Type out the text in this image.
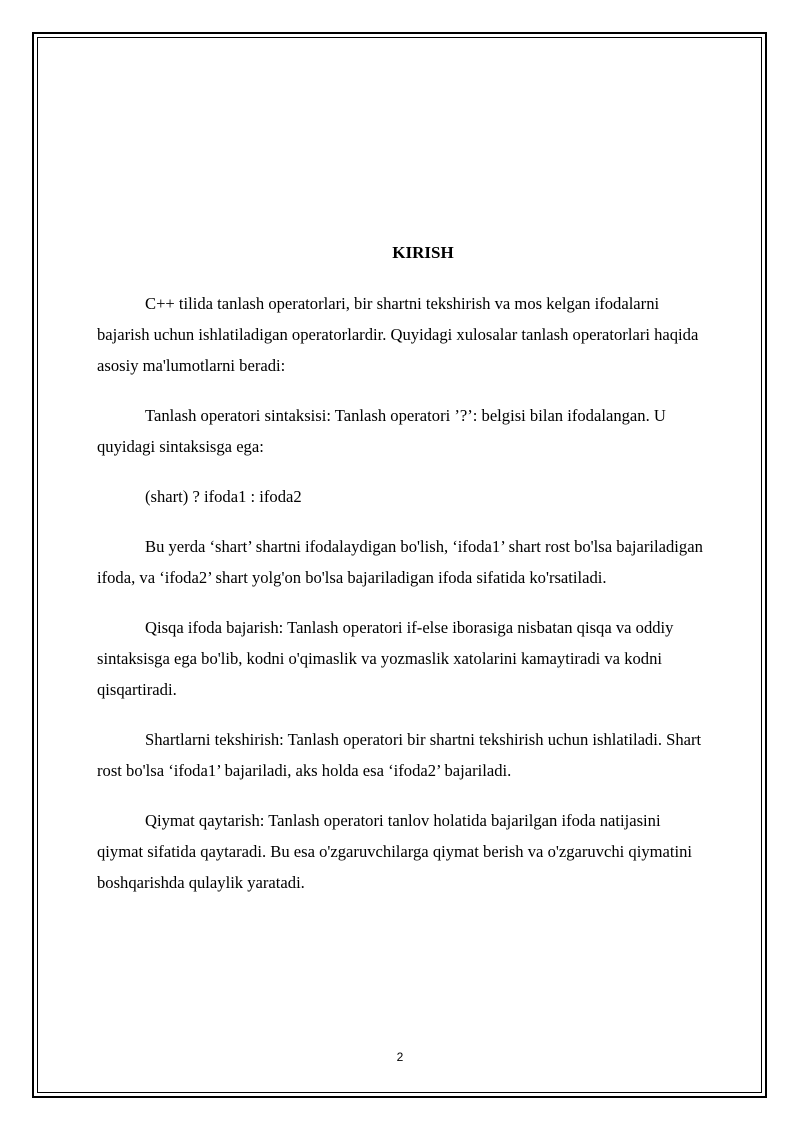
KIRISH

C++ tilida tanlash operatorlari, bir shartni tekshirish va mos kelgan ifodalarni bajarish uchun ishlatiladigan operatorlardir. Quyidagi xulosalar tanlash operatorlari haqida asosiy ma'lumotlarni beradi:

Tanlash operatori sintaksisi: Tanlash operatori ’?’: belgisi bilan ifodalangan. U quyidagi sintaksisga ega:

(shart) ? ifoda1 : ifoda2

Bu yerda ‘shart’ shartni ifodalaydigan bo'lish, ‘ifoda1’ shart rost bo'lsa bajariladigan ifoda, va ‘ifoda2’ shart yolg'on bo'lsa bajariladigan ifoda sifatida ko'rsatiladi.

Qisqa ifoda bajarish: Tanlash operatori if-else iborasiga nisbatan qisqa va oddiy sintaksisga ega bo'lib, kodni o'qimaslik va yozmaslik xatolarini kamaytiradi va kodni qisqartiradi.

Shartlarni tekshirish: Tanlash operatori bir shartni tekshirish uchun ishlatiladi. Shart rost bo'lsa ‘ifoda1’ bajariladi, aks holda esa ‘ifoda2’ bajariladi.

Qiymat qaytarish: Tanlash operatori tanlov holatida bajarilgan ifoda natijasini qiymat sifatida qaytaradi. Bu esa o'zgaruvchilarga qiymat berish va o'zgaruvchi qiymatini boshqarishda qulaylik yaratadi.

2
